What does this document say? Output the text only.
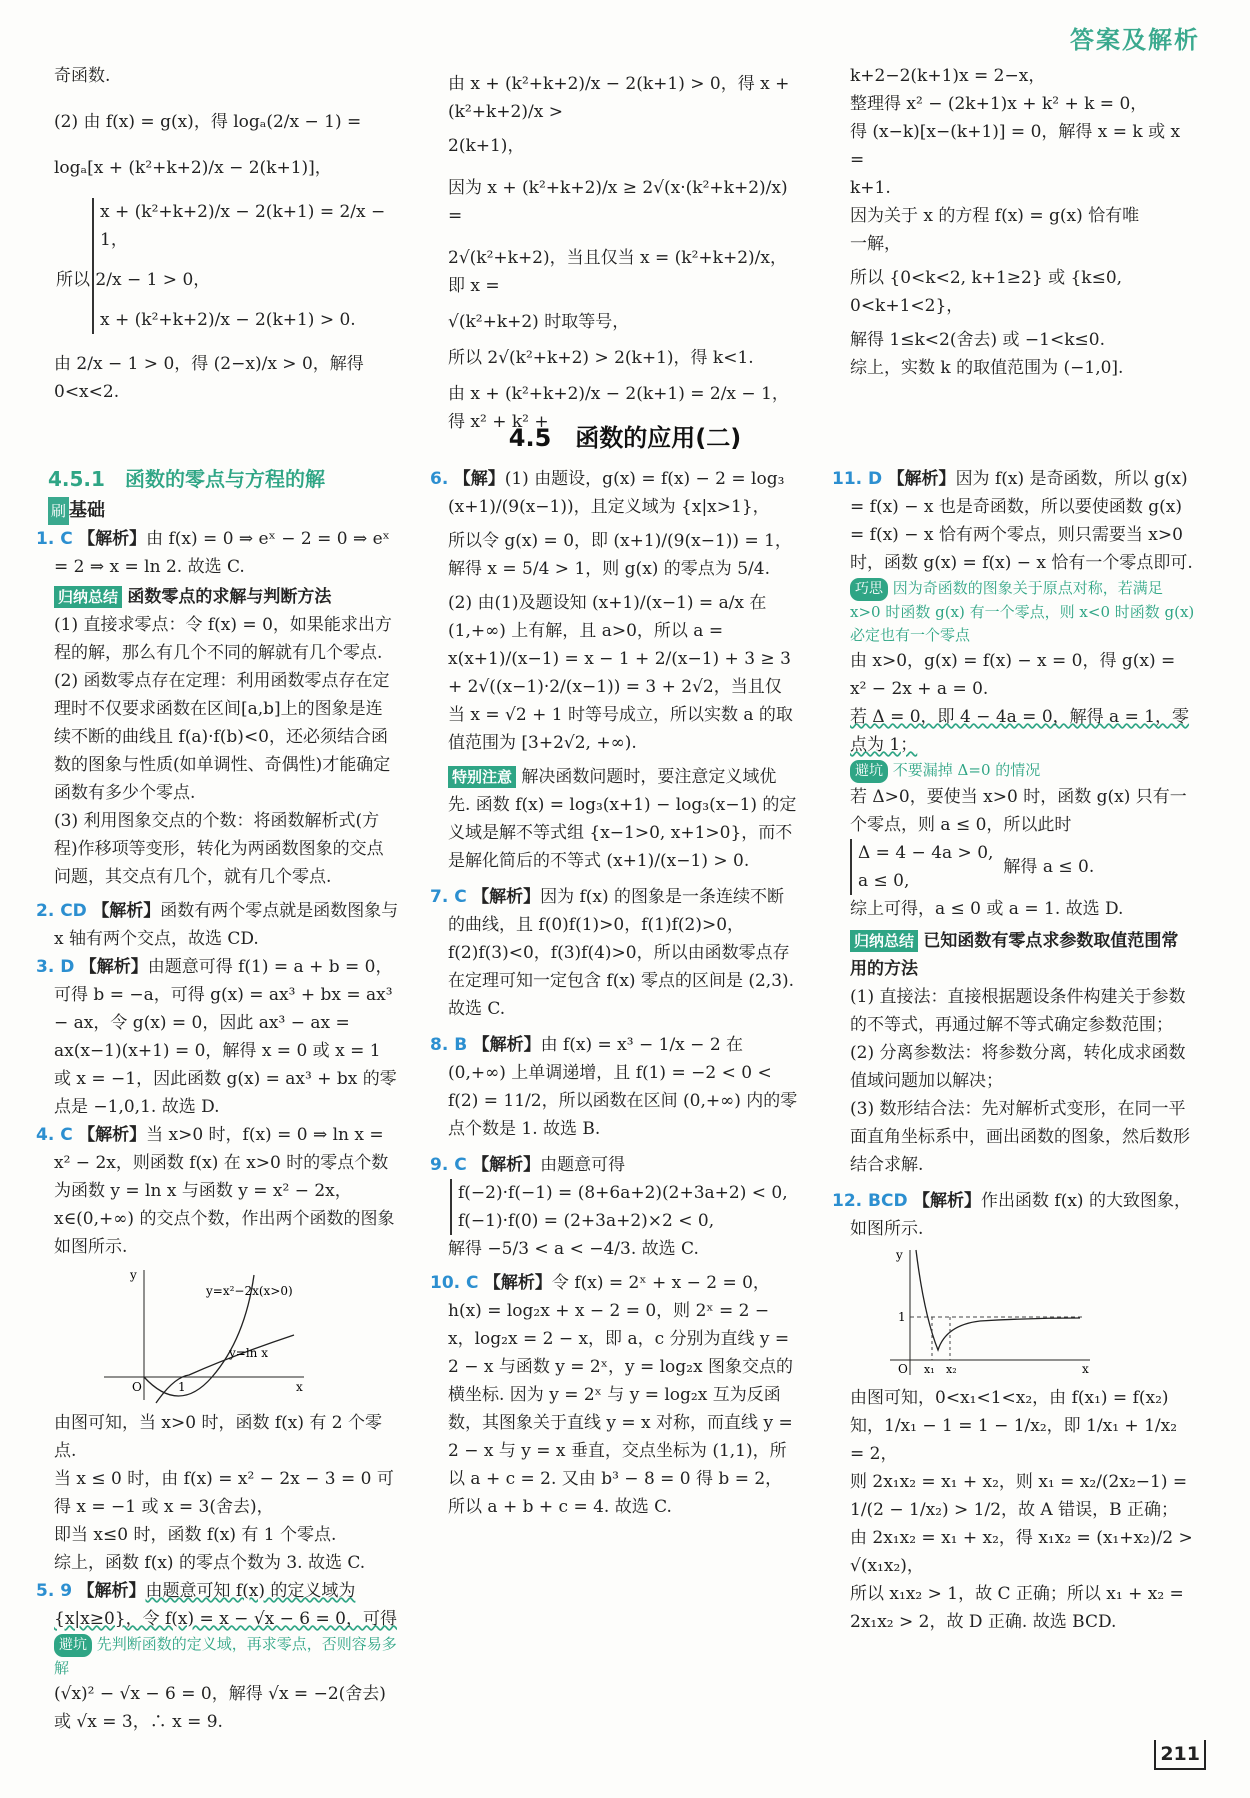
答案及解析

奇函数.

(2) 由 f(x) = g(x)，得 logₐ(2/x − 1) =

logₐ[x + (k²+k+2)/x − 2(k+1)]，

x + (k²+k+2)/x − 2(k+1) = 2/x − 1，

所以 2/x − 1 > 0，

x + (k²+k+2)/x − 2(k+1) > 0.

由 2/x − 1 > 0，得 (2−x)/x > 0，解得 0<x<2.

由 x + (k²+k+2)/x − 2(k+1) > 0，得 x + (k²+k+2)/x >

2(k+1)，

因为 x + (k²+k+2)/x ≥ 2√(x·(k²+k+2)/x) =

2√(k²+k+2)，当且仅当 x = (k²+k+2)/x，即 x =

√(k²+k+2) 时取等号，

所以 2√(k²+k+2) > 2(k+1)，得 k<1.

由 x + (k²+k+2)/x − 2(k+1) = 2/x − 1，得 x² + k² +

k+2−2(k+1)x = 2−x，

整理得 x² − (2k+1)x + k² + k = 0，

得 (x−k)[x−(k+1)] = 0，解得 x = k 或 x =

k+1.

因为关于 x 的方程 f(x) = g(x) 恰有唯

一解，

所以 {0<k<2, k+1≥2} 或 {k≤0, 0<k+1<2}，

解得 1≤k<2(舍去) 或 −1<k≤0.

综上，实数 k 的取值范围为 (−1,0].

4.5　函数的应用(二)
4.5.1　函数的零点与方程的解
刷 基础

1. C 【解析】由 f(x) = 0 ⇒ eˣ − 2 = 0 ⇒ eˣ = 2 ⇒ x = ln 2. 故选 C.

归纳总结 函数零点的求解与判断方法

(1) 直接求零点：令 f(x) = 0，如果能求出方程的解，那么有几个不同的解就有几个零点.

(2) 函数零点存在定理：利用函数零点存在定理时不仅要求函数在区间[a,b]上的图象是连续不断的曲线且 f(a)·f(b)<0，还必须结合函数的图象与性质(如单调性、奇偶性)才能确定函数有多少个零点.

(3) 利用图象交点的个数：将函数解析式(方程)作移项等变形，转化为两函数图象的交点问题，其交点有几个，就有几个零点.

2. CD 【解析】函数有两个零点就是函数图象与 x 轴有两个交点，故选 CD.

3. D 【解析】由题意可得 f(1) = a + b = 0，可得 b = −a，可得 g(x) = ax³ + bx = ax³ − ax，令 g(x) = 0，因此 ax³ − ax = ax(x−1)(x+1) = 0，解得 x = 0 或 x = 1 或 x = −1，因此函数 g(x) = ax³ + bx 的零点是 −1,0,1. 故选 D.

4. C 【解析】当 x>0 时，f(x) = 0 ⇒ ln x = x² − 2x，则函数 f(x) 在 x>0 时的零点个数为函数 y = ln x 与函数 y = x² − 2x，x∈(0,+∞) 的交点个数，作出两个函数的图象如图所示.

y=x²−2x(x>0)
y=ln x
O	1	x
y

由图可知，当 x>0 时，函数 f(x) 有 2 个零点.

当 x ≤ 0 时，由 f(x) = x² − 2x − 3 = 0 可得 x = −1 或 x = 3(舍去)，

即当 x≤0 时，函数 f(x) 有 1 个零点.

综上，函数 f(x) 的零点个数为 3. 故选 C.

5. 9 【解析】由题意可知 f(x) 的定义域为 {x|x≥0}，令 f(x) = x − √x − 6 = 0，可得

避坑 先判断函数的定义域，再求零点，否则容易多解

(√x)² − √x − 6 = 0，解得 √x = −2(舍去) 或 √x = 3，∴ x = 9.

6. 【解】(1) 由题设，g(x) = f(x) − 2 = log₃ (x+1)/(9(x−1))，且定义域为 {x|x>1}，

所以令 g(x) = 0，即 (x+1)/(9(x−1)) = 1，解得 x = 5/4 > 1，则 g(x) 的零点为 5/4.

(2) 由(1)及题设知 (x+1)/(x−1) = a/x 在 (1,+∞) 上有解，且 a>0，所以 a = x(x+1)/(x−1) = x − 1 + 2/(x−1) + 3 ≥ 3 + 2√((x−1)·2/(x−1)) = 3 + 2√2，当且仅当 x = √2 + 1 时等号成立，所以实数 a 的取值范围为 [3+2√2, +∞).

特别注意 解决函数问题时，要注意定义域优先. 函数 f(x) = log₃(x+1) − log₃(x−1) 的定义域是解不等式组 {x−1>0, x+1>0}，而不是解化简后的不等式 (x+1)/(x−1) > 0.

7. C 【解析】因为 f(x) 的图象是一条连续不断的曲线，且 f(0)f(1)>0，f(1)f(2)>0，f(2)f(3)<0，f(3)f(4)>0，所以由函数零点存在定理可知一定包含 f(x) 零点的区间是 (2,3). 故选 C.

8. B 【解析】由 f(x) = x³ − 1/x − 2 在 (0,+∞) 上单调递增，且 f(1) = −2 < 0 < f(2) = 11/2，所以函数在区间 (0,+∞) 内的零点个数是 1. 故选 B.

9. C 【解析】由题意可得

f(−2)·f(−1) = (8+6a+2)(2+3a+2) < 0,

f(−1)·f(0) = (2+3a+2)×2 < 0,

解得 −5/3 < a < −4/3. 故选 C.

10. C 【解析】令 f(x) = 2ˣ + x − 2 = 0，h(x) = log₂x + x − 2 = 0，则 2ˣ = 2 − x，log₂x = 2 − x，即 a，c 分别为直线 y = 2 − x 与函数 y = 2ˣ，y = log₂x 图象交点的横坐标. 因为 y = 2ˣ 与 y = log₂x 互为反函数，其图象关于直线 y = x 对称，而直线 y = 2 − x 与 y = x 垂直，交点坐标为 (1,1)，所以 a + c = 2. 又由 b³ − 8 = 0 得 b = 2，所以 a + b + c = 4. 故选 C.

11. D 【解析】因为 f(x) 是奇函数，所以 g(x) = f(x) − x 也是奇函数，所以要使函数 g(x) = f(x) − x 恰有两个零点，则只需要当 x>0 时，函数 g(x) = f(x) − x 恰有一个零点即可.

巧思 因为奇函数的图象关于原点对称，若满足 x>0 时函数 g(x) 有一个零点，则 x<0 时函数 g(x) 必定也有一个零点

由 x>0，g(x) = f(x) − x = 0，得 g(x) = x² − 2x + a = 0.

若 Δ = 0，即 4 − 4a = 0，解得 a = 1，零点为 1；

避坑 不要漏掉 Δ=0 的情况

若 Δ>0，要使当 x>0 时，函数 g(x) 只有一个零点，则 a ≤ 0，所以此时

Δ = 4 − 4a > 0,

a ≤ 0,

解得 a ≤ 0.

综上可得，a ≤ 0 或 a = 1. 故选 D.

归纳总结 已知函数有零点求参数取值范围常用的方法

(1) 直接法：直接根据题设条件构建关于参数的不等式，再通过解不等式确定参数范围；

(2) 分离参数法：将参数分离，转化成求函数值域问题加以解决；

(3) 数形结合法：先对解析式变形，在同一平面直角坐标系中，画出函数的图象，然后数形结合求解.

12. BCD 【解析】作出函数 f(x) 的大致图象，如图所示.

1
O x₁ x₂	x
y

由图可知，0<x₁<1<x₂，由 f(x₁) = f(x₂) 知，1/x₁ − 1 = 1 − 1/x₂，即 1/x₁ + 1/x₂ = 2，

则 2x₁x₂ = x₁ + x₂，则 x₁ = x₂/(2x₂−1) = 1/(2 − 1/x₂) > 1/2，故 A 错误，B 正确；

由 2x₁x₂ = x₁ + x₂，得 x₁x₂ = (x₁+x₂)/2 > √(x₁x₂)，

所以 x₁x₂ > 1，故 C 正确；所以 x₁ + x₂ = 2x₁x₂ > 2，故 D 正确. 故选 BCD.

211
